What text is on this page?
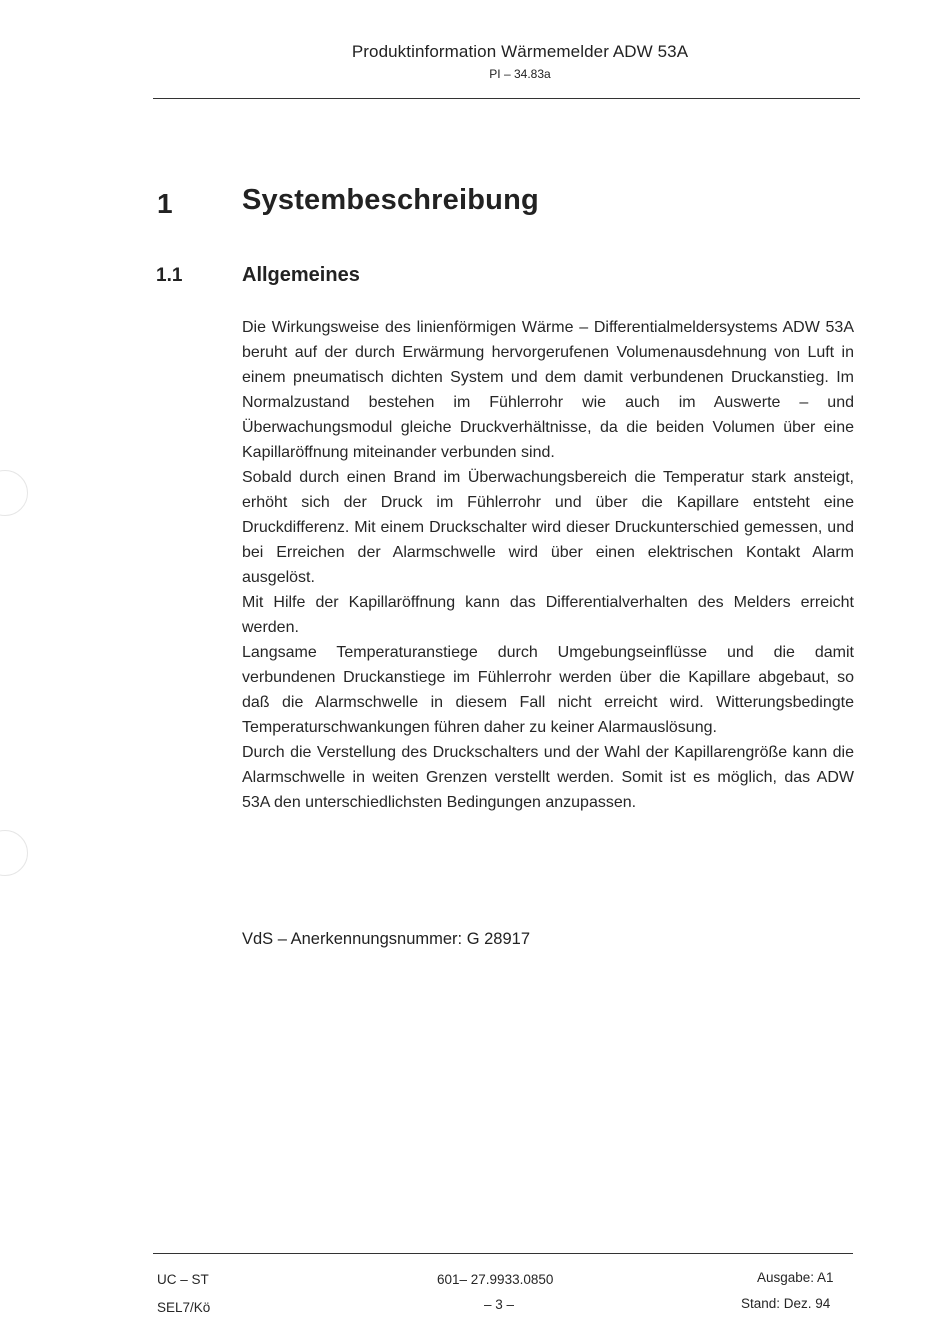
Produktinformation Wärmemelder ADW 53A
PI – 34.83a
1 Systembeschreibung
1.1	Allgemeines

Die Wirkungsweise des linienförmigen Wärme – Differentialmeldersystems ADW 53A beruht auf der durch Erwärmung hervorgerufenen Volumenausdehnung von Luft in einem pneumatisch dichten System und dem damit verbundenen Druckanstieg. Im Normalzustand bestehen im Fühlerrohr wie auch im Auswerte – und Überwachungsmodul gleiche Druckverhältnisse, da die beiden Volumen über eine Kapillaröffnung miteinander verbunden sind.

Sobald durch einen Brand im Überwachungsbereich die Temperatur stark ansteigt, erhöht sich der Druck im Fühlerrohr und über die Kapillare entsteht eine Druckdifferenz. Mit einem Druckschalter wird dieser Druckunterschied gemessen, und bei Erreichen der Alarmschwelle wird über einen elektrischen Kontakt Alarm ausgelöst.

Mit Hilfe der Kapillaröffnung kann das Differentialverhalten des Melders erreicht werden.

Langsame Temperaturanstiege durch Umgebungseinflüsse und die damit verbundenen Druckanstiege im Fühlerrohr werden über die Kapillare abgebaut, so daß die Alarmschwelle in diesem Fall nicht erreicht wird. Witterungsbedingte Temperaturschwankungen führen daher zu keiner Alarmauslösung.

Durch die Verstellung des Druckschalters und der Wahl der Kapillarengröße kann die Alarmschwelle in weiten Grenzen verstellt werden. Somit ist es möglich, das ADW 53A den unterschiedlichsten Bedingungen anzupassen.

VdS – Anerkennungsnummer: G 28917
UC – ST
SEL7/Kö
601– 27.9933.0850
– 3 –
Ausgabe: A1
Stand: Dez. 94
